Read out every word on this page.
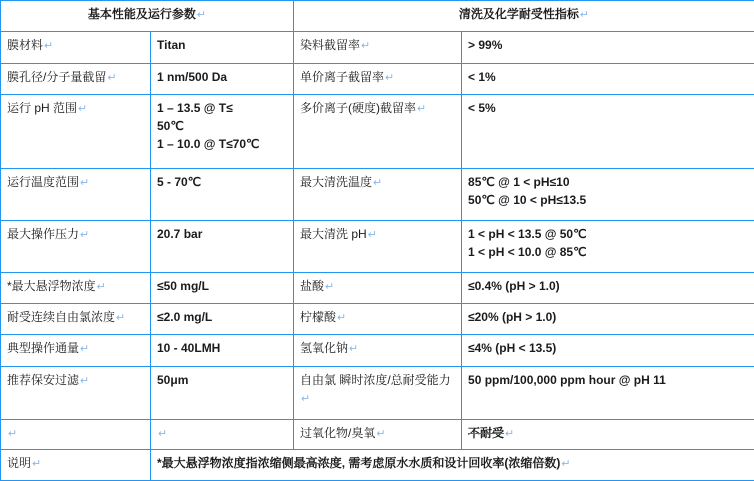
基本性能及运行参数↵		清洗及化学耐受性指标↵	
膜材料↵	Titan	染料截留率↵	> 99%

膜孔径/分子量截留↵	1 nm/500 Da	单价离子截留率↵	< 1%

运行 pH 范围↵	1 – 13.5 @ T≤
50℃
1 – 10.0 @ T≤70℃	多价离子(硬度)截留率↵	< 5%

运行温度范围↵	5 - 70℃	最大清洗温度↵	85℃ @ 1 < pH≤10
50℃ @ 10 < pH≤13.5

最大操作压力↵	20.7 bar	最大清洗 pH↵	1 < pH < 13.5 @ 50℃
1 < pH < 10.0 @ 85℃

*最大悬浮物浓度↵	≤50 mg/L	盐酸↵	≤0.4% (pH > 1.0)

耐受连续自由氯浓度↵	≤2.0 mg/L	柠檬酸↵	≤20% (pH > 1.0)

典型操作通量↵	10 - 40LMH	氢氧化钠↵	≤4% (pH < 13.5)

推荐保安过滤↵	50μm	自由氯 瞬时浓度/总耐受能力↵	50 ppm/100,000 ppm hour @ pH 11

↵	↵	过氧化物/臭氧↵	不耐受↵
说明↵	*最大悬浮物浓度指浓缩侧最高浓度, 需考虑原水水质和设计回收率(浓缩倍数)↵		
